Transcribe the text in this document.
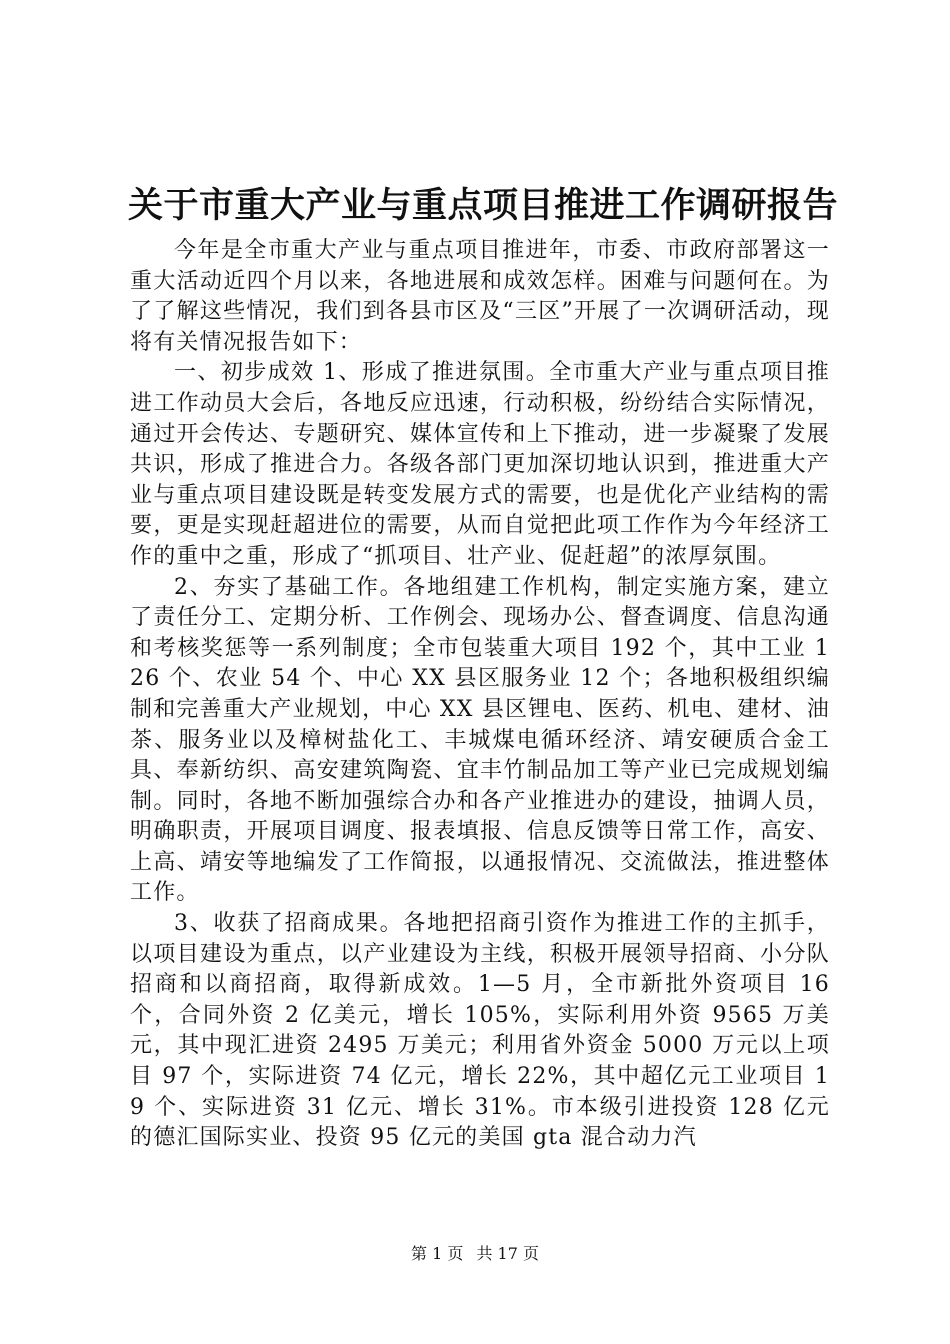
关于市重大产业与重点项目推进工作调研报告

今年是全市重大产业与重点项目推进年，市委、市政府部署这一重大活动近四个月以来，各地进展和成效怎样。困难与问题何在。为了了解这些情况，我们到各县市区及“三区”开展了一次调研活动，现将有关情况报告如下：

一、初步成效 1、形成了推进氛围。全市重大产业与重点项目推进工作动员大会后，各地反应迅速，行动积极，纷纷结合实际情况，通过开会传达、专题研究、媒体宣传和上下推动，进一步凝聚了发展共识，形成了推进合力。各级各部门更加深切地认识到，推进重大产业与重点项目建设既是转变发展方式的需要，也是优化产业结构的需要，更是实现赶超进位的需要，从而自觉把此项工作作为今年经济工作的重中之重，形成了“抓项目、壮产业、促赶超”的浓厚氛围。

2、夯实了基础工作。各地组建工作机构，制定实施方案，建立了责任分工、定期分析、工作例会、现场办公、督查调度、信息沟通和考核奖惩等一系列制度；全市包装重大项目 192 个，其中工业 126 个、农业 54 个、中心 XX 县区服务业 12 个；各地积极组织编制和完善重大产业规划，中心 XX 县区锂电、医药、机电、建材、油茶、服务业以及樟树盐化工、丰城煤电循环经济、靖安硬质合金工具、奉新纺织、高安建筑陶瓷、宜丰竹制品加工等产业已完成规划编制。同时，各地不断加强综合办和各产业推进办的建设，抽调人员，明确职责，开展项目调度、报表填报、信息反馈等日常工作，高安、上高、靖安等地编发了工作简报，以通报情况、交流做法，推进整体工作。

3、收获了招商成果。各地把招商引资作为推进工作的主抓手，以项目建设为重点，以产业建设为主线，积极开展领导招商、小分队招商和以商招商，取得新成效。1—5 月，全市新批外资项目 16 个，合同外资 2 亿美元，增长 105%，实际利用外资 9565 万美元，其中现汇进资 2495 万美元；利用省外资金 5000 万元以上项目 97 个，实际进资 74 亿元，增长 22%，其中超亿元工业项目 19 个、实际进资 31 亿元、增长 31%。市本级引进投资 128 亿元的德汇国际实业、投资 95 亿元的美国 gta 混合动力汽

第 1 页 共 17 页
